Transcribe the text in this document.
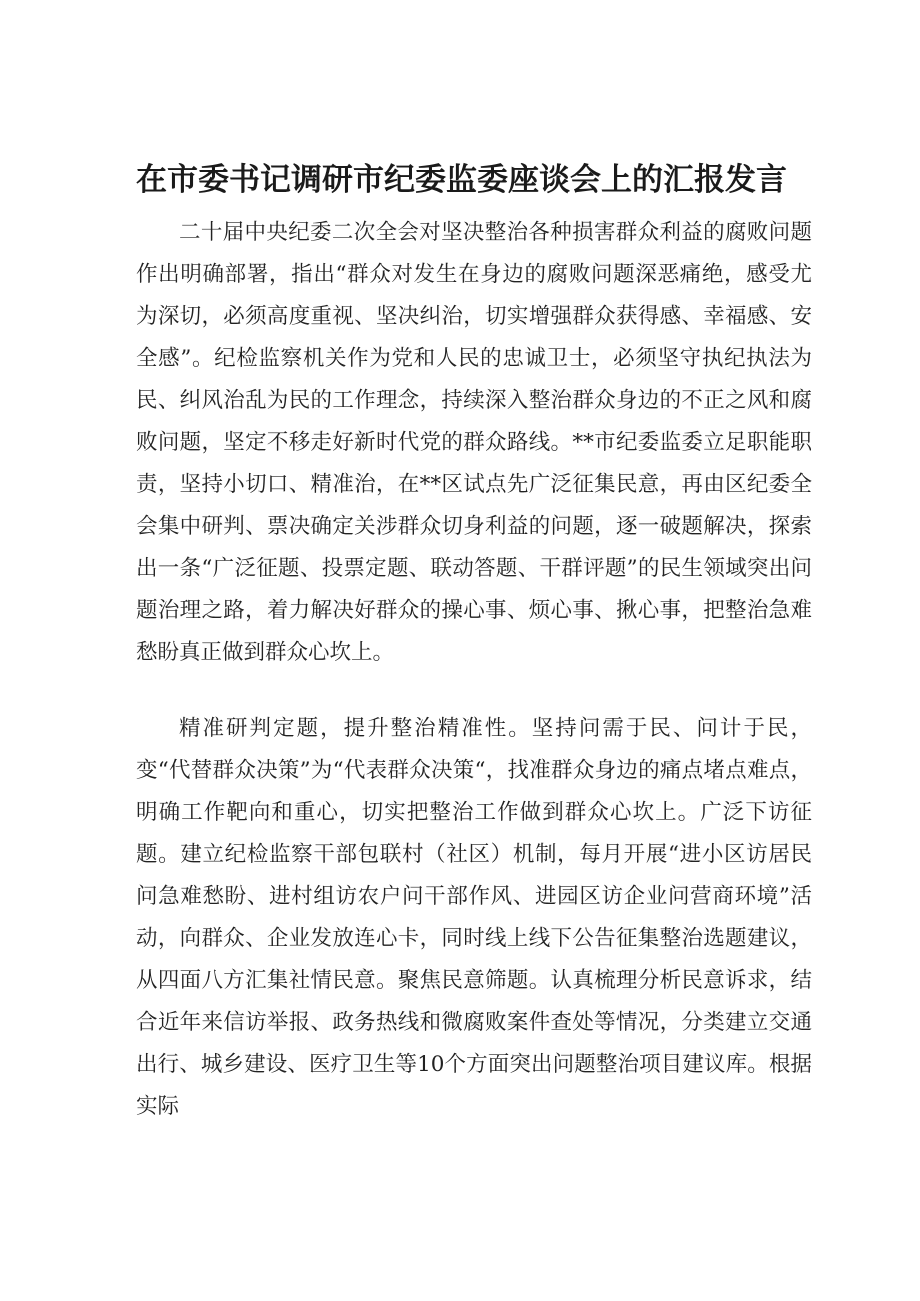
在市委书记调研市纪委监委座谈会上的汇报发言

二十届中央纪委二次全会对坚决整治各种损害群众利益的腐败问题作出明确部署，指出“群众对发生在身边的腐败问题深恶痛绝，感受尤为深切，必须高度重视、坚决纠治，切实增强群众获得感、幸福感、安全感”。纪检监察机关作为党和人民的忠诚卫士，必须坚守执纪执法为民、纠风治乱为民的工作理念，持续深入整治群众身边的不正之风和腐败问题，坚定不移走好新时代党的群众路线。**市纪委监委立足职能职责，坚持小切口、精准治，在**区试点先广泛征集民意，再由区纪委全会集中研判、票决确定关涉群众切身利益的问题，逐一破题解决，探索出一条“广泛征题、投票定题、联动答题、干群评题”的民生领域突出问题治理之路，着力解决好群众的操心事、烦心事、揪心事，把整治急难愁盼真正做到群众心坎上。

精准研判定题，提升整治精准性。坚持问需于民、问计于民，变“代替群众决策”为“代表群众决策“，找准群众身边的痛点堵点难点，明确工作靶向和重心，切实把整治工作做到群众心坎上。广泛下访征题。建立纪检监察干部包联村（社区）机制，每月开展“进小区访居民问急难愁盼、进村组访农户问干部作风、进园区访企业问营商环境”活动，向群众、企业发放连心卡，同时线上线下公告征集整治选题建议，从四面八方汇集社情民意。聚焦民意筛题。认真梳理分析民意诉求，结合近年来信访举报、政务热线和微腐败案件查处等情况，分类建立交通出行、城乡建设、医疗卫生等10个方面突出问题整治项目建议库。根据实际
